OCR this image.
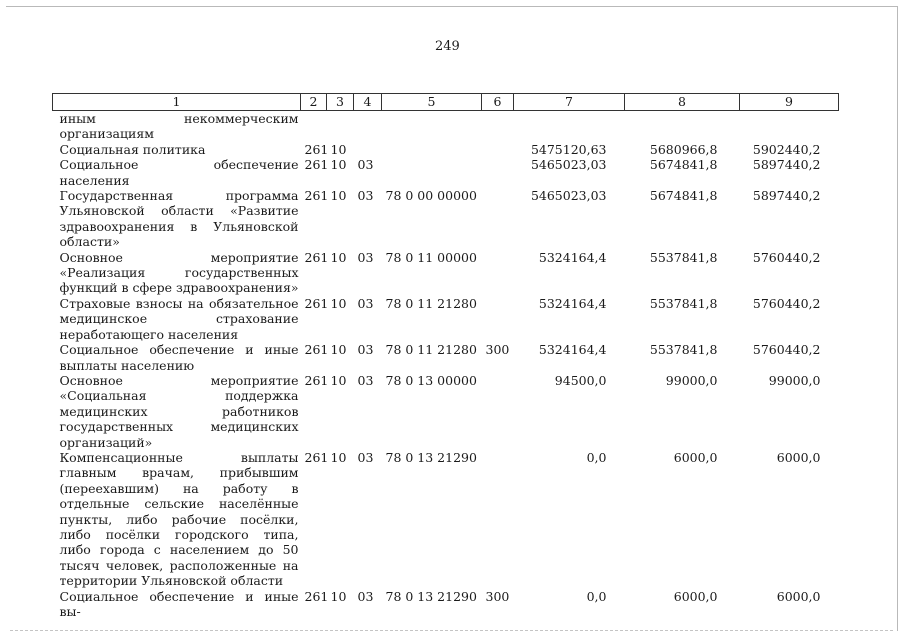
249
1	2	3	4	5	6	7	8	9
иным некоммерческим организациям								
Социальная политика	261	10				5475120,63	5680966,8	5902440,2
Социальное обеспечение населения	261	10	03			5465023,03	5674841,8	5897440,2
Государственная программа Ульяновской области «Развитие здравоохранения в Ульяновской области»	261	10	03	78 0 00 00000		5465023,03	5674841,8	5897440,2
Основное мероприятие «Реализация государственных функций в сфере здравоохранения»	261	10	03	78 0 11 00000		5324164,4	5537841,8	5760440,2
Страховые взносы на обязательное медицинское страхование неработающего населения	261	10	03	78 0 11 21280		5324164,4	5537841,8	5760440,2
Социальное обеспечение и иные выплаты населению	261	10	03	78 0 11 21280	300	5324164,4	5537841,8	5760440,2
Основное мероприятие «Социальная поддержка медицинских работников государственных медицинских организаций»	261	10	03	78 0 13 00000		94500,0	99000,0	99000,0
Компенсационные выплаты главным врачам, прибывшим (переехавшим) на работу в отдельные сельские населённые пункты, либо рабочие посёлки, либо посёлки городского типа, либо города с населением до 50 тысяч человек, расположенные на территории Ульяновской области	261	10	03	78 0 13 21290		0,0	6000,0	6000,0
Социальное обеспечение и иные вы-	261	10	03	78 0 13 21290	300	0,0	6000,0	6000,0
